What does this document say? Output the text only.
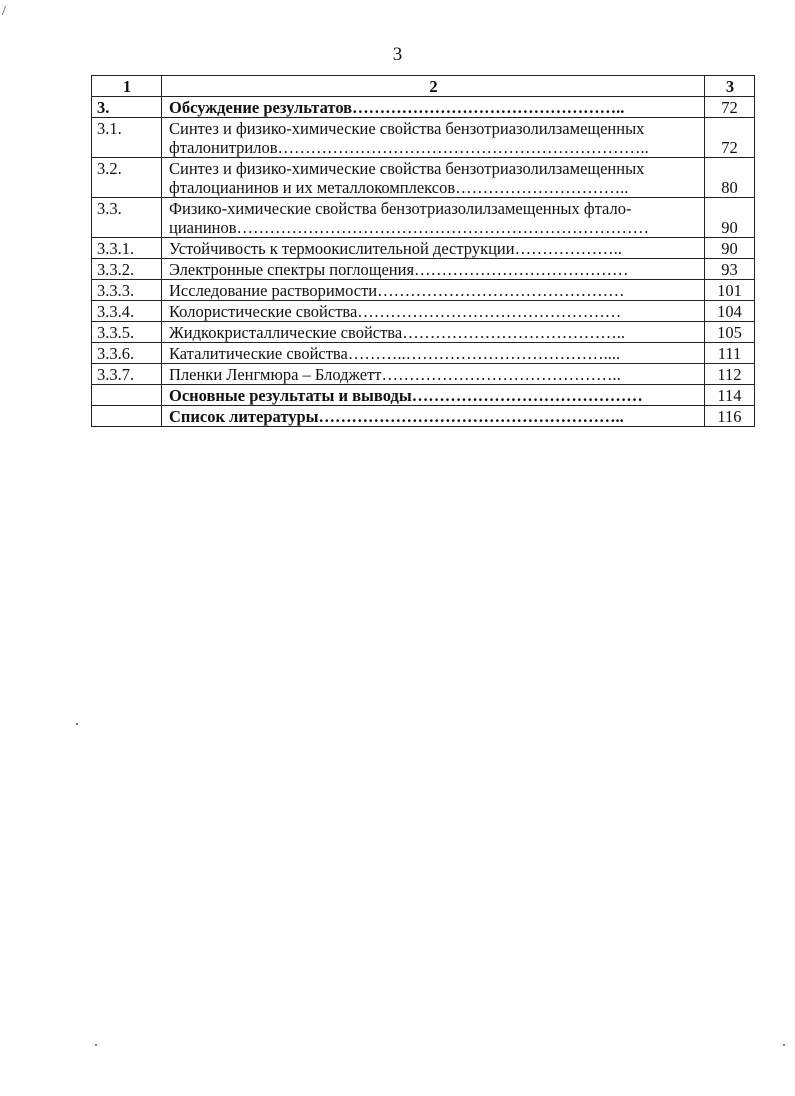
/
3
1	2	3
3.	Обсуждение результатов…………………………………………..	72
3.1.	Синтез и физико-химические свойства бензотриазолилзамещенных
фталонитрилов…………………………………………………………..	72
3.2.	Синтез и физико-химические свойства бензотриазолилзамещенных
фталоцианинов и их металлокомплексов…………………………..	80
3.3.	Физико-химические свойства бензотриазолилзамещенных фтало-
цианинов…………………………………………………………………	90
3.3.1.	Устойчивость к термоокислительной деструкции………………..	90
3.3.2.	Электронные спектры поглощения…………………………………	93
3.3.3.	Исследование растворимости………………………………………	101
3.3.4.	Колористические свойства…………………………………………	104
3.3.5.	Жидкокристаллические свойства…………………………………..	105
3.3.6.	Каталитические свойства………..………………………………....	111
3.3.7.	Пленки Ленгмюра – Блоджетт……………………………………..	112

	Основные результаты и выводы……………………………………	114

	Список литературы………………………………………………..	116
